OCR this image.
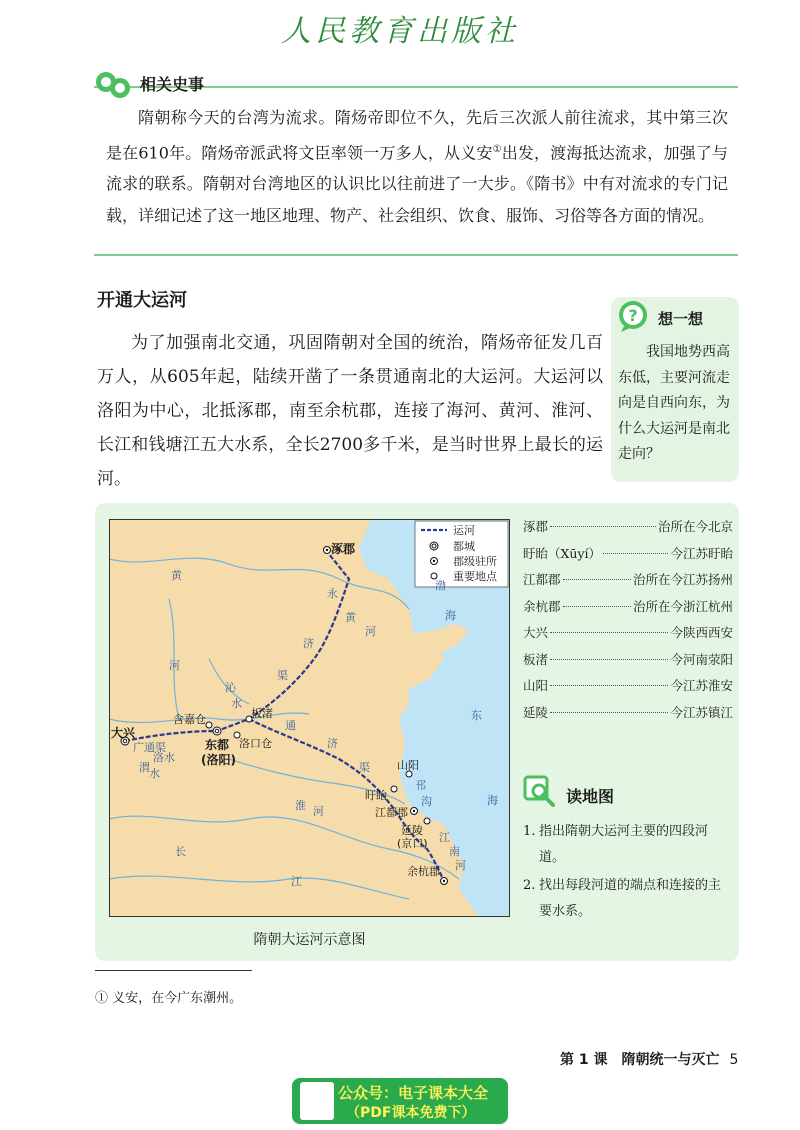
人民教育出版社
相关史事

隋朝称今天的台湾为流求。隋炀帝即位不久，先后三次派人前往流求，其中第三次是在610年。隋炀帝派武将文臣率领一万多人，从义安①出发，渡海抵达流求，加强了与流求的联系。隋朝对台湾地区的认识比以往前进了一大步。《隋书》中有对流求的专门记载，详细记述了这一地区地理、物产、社会组织、饮食、服饰、习俗等各方面的情况。

开通大运河

为了加强南北交通，巩固隋朝对全国的统治，隋炀帝征发几百万人，从605年起，陆续开凿了一条贯通南北的大运河。大运河以洛阳为中心，北抵涿郡，南至余杭郡，连接了海河、黄河、淮河、长江和钱塘江五大水系，全长2700多千米，是当时世界上最长的运河。

? 想一想

我国地势西高东低，主要河流走向是自西向东，为什么大运河是南北走向？

运河
都城
郡级驻所
重要地点
涿郡
大兴
含嘉仓	板渚
东都
(洛阳)
洛口仓
山阳
盱眙
江都郡
延陵
(京口)
余杭郡
渤
海
东
海
黄
河
黄
河
长
江
淮 河
永
济
渠
通
济
渠
邗
沟
江
南
河
广通渠
洛水
沁
水
渭 水
隋朝大运河示意图
涿郡	治所在今北京
盱眙（Xūyí）	今江苏盱眙
江都郡	治所在今江苏扬州
余杭郡	治所在今浙江杭州
大兴	今陕西西安
板渚	今河南荥阳
山阳	今江苏淮安
延陵	今江苏镇江
读地图
1. 指出隋朝大运河主要的四段河道。
2. 找出每段河道的端点和连接的主要水系。
① 义安，在今广东潮州。
第 1 课　隋朝统一与灭亡 5
公众号：电子课本大全
（PDF课本免费下）
